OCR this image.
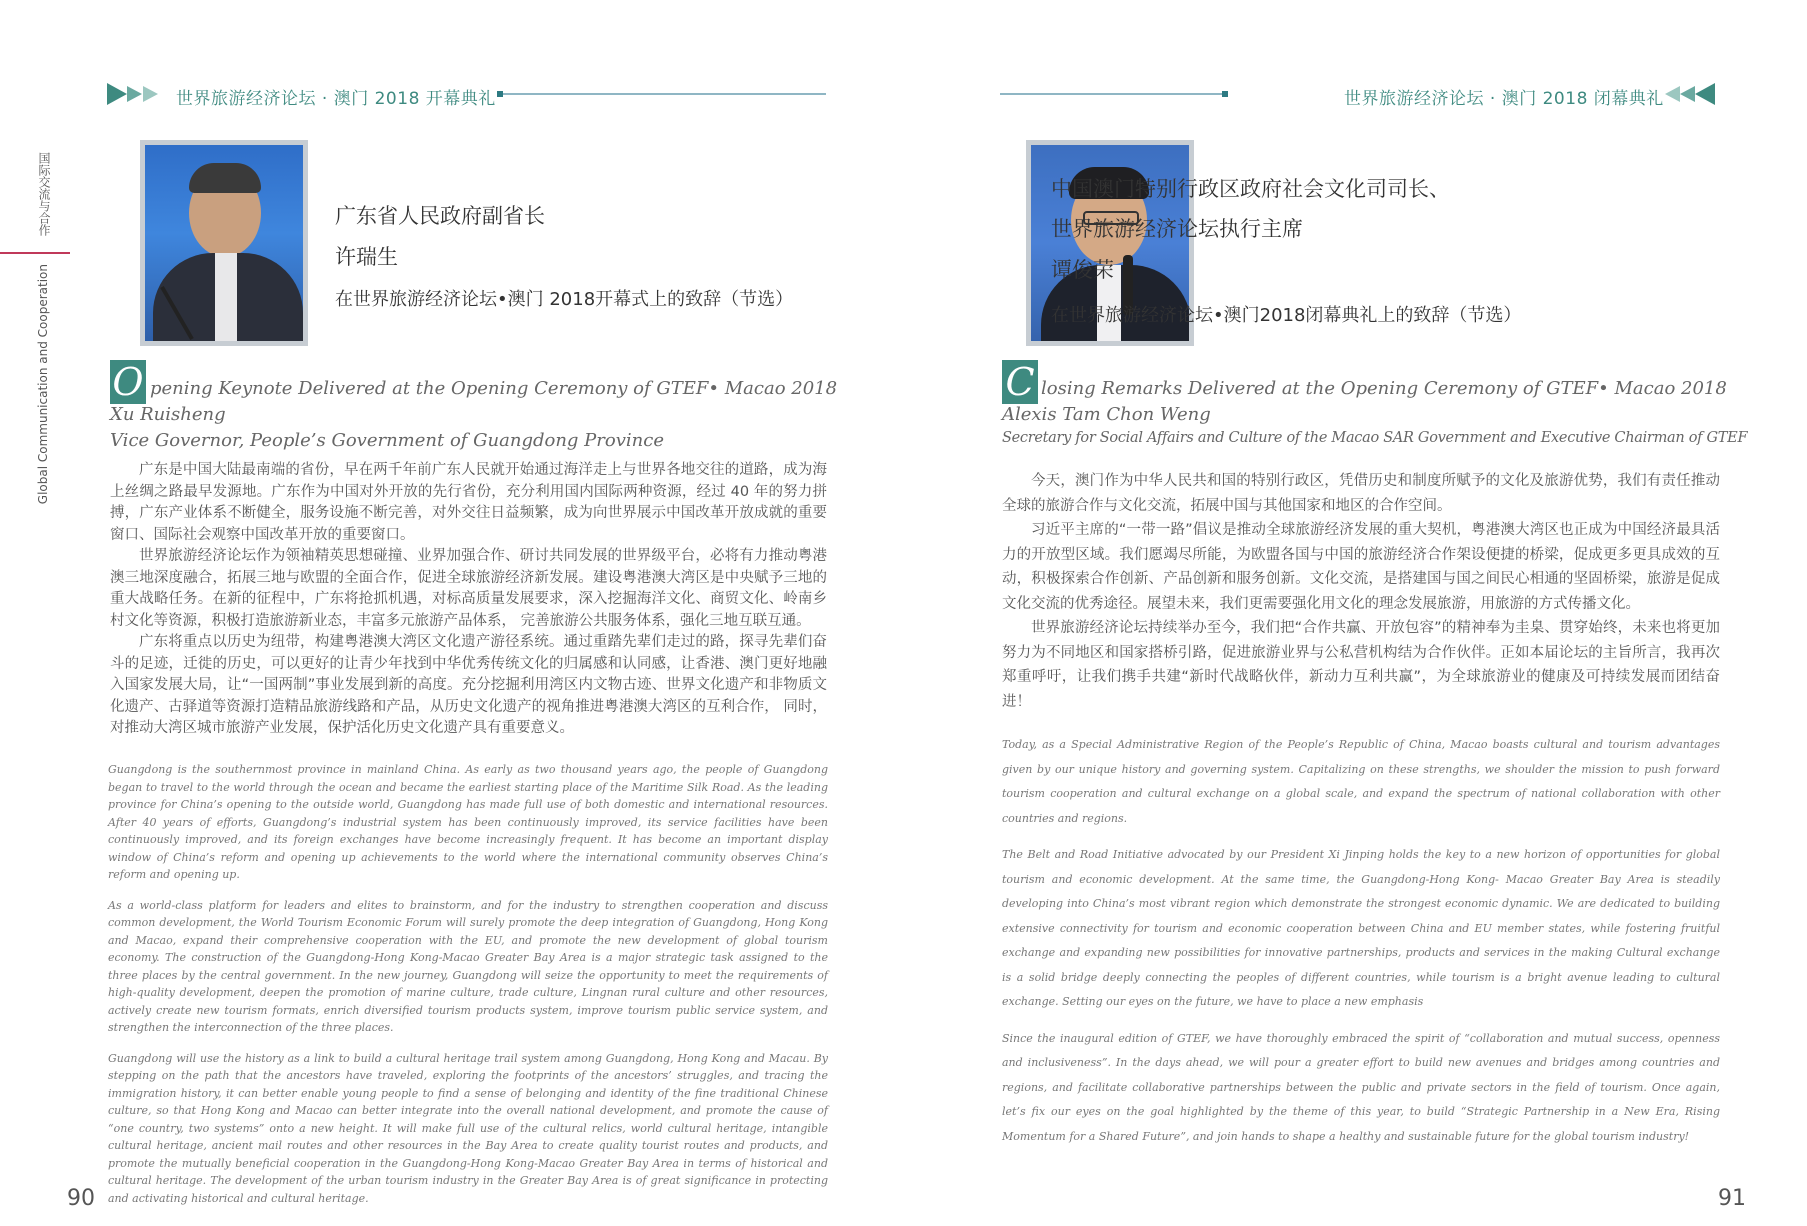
国际交流与合作
Global Communication and Cooperation
世界旅游经济论坛 · 澳门 2018 开幕典礼
广东省人民政府副省长
许瑞生
在世界旅游经济论坛•澳门 2018开幕式上的致辞（节选）
O pening Keynote Delivered at the Opening Ceremony of GTEF• Macao 2018
Xu Ruisheng
Vice Governor, People’s Government of Guangdong Province

广东是中国大陆最南端的省份，早在两千年前广东人民就开始通过海洋走上与世界各地交往的道路，成为海上丝绸之路最早发源地。广东作为中国对外开放的先行省份，充分利用国内国际两种资源，经过 40 年的努力拼搏，广东产业体系不断健全，服务设施不断完善，对外交往日益频繁，成为向世界展示中国改革开放成就的重要窗口、国际社会观察中国改革开放的重要窗口。

世界旅游经济论坛作为领袖精英思想碰撞、业界加强合作、研讨共同发展的世界级平台，必将有力推动粤港澳三地深度融合，拓展三地与欧盟的全面合作，促进全球旅游经济新发展。建设粤港澳大湾区是中央赋予三地的重大战略任务。在新的征程中，广东将抢抓机遇，对标高质量发展要求，深入挖掘海洋文化、商贸文化、岭南乡村文化等资源，积极打造旅游新业态，丰富多元旅游产品体系， 完善旅游公共服务体系，强化三地互联互通。

广东将重点以历史为纽带，构建粤港澳大湾区文化遗产游径系统。通过重踏先辈们走过的路，探寻先辈们奋斗的足迹，迁徙的历史，可以更好的让青少年找到中华优秀传统文化的归属感和认同感，让香港、澳门更好地融入国家发展大局，让“一国两制”事业发展到新的高度。充分挖掘利用湾区内文物古迹、世界文化遗产和非物质文化遗产、古驿道等资源打造精品旅游线路和产品，从历史文化遗产的视角推进粤港澳大湾区的互利合作， 同时，对推动大湾区城市旅游产业发展，保护活化历史文化遗产具有重要意义。

Guangdong is the southernmost province in mainland China. As early as two thousand years ago, the people of Guangdong began to travel to the world through the ocean and became the earliest starting place of the Maritime Silk Road. As the leading province for China’s opening to the outside world, Guangdong has made full use of both domestic and international resources. After 40 years of efforts, Guangdong’s industrial system has been continuously improved, its service facilities have been continuously improved, and its foreign exchanges have become increasingly frequent. It has become an important display window of China’s reform and opening up achievements to the world where the international community observes China’s reform and opening up.

As a world-class platform for leaders and elites to brainstorm, and for the industry to strengthen cooperation and discuss common development, the World Tourism Economic Forum will surely promote the deep integration of Guangdong, Hong Kong and Macao, expand their comprehensive cooperation with the EU, and promote the new development of global tourism economy. The construction of the Guangdong-Hong Kong-Macao Greater Bay Area is a major strategic task assigned to the three places by the central government. In the new journey, Guangdong will seize the opportunity to meet the requirements of high-quality development, deepen the promotion of marine culture, trade culture, Lingnan rural culture and other resources, actively create new tourism formats, enrich diversified tourism products system, improve tourism public service system, and strengthen the interconnection of the three places.

Guangdong will use the history as a link to build a cultural heritage trail system among Guangdong, Hong Kong and Macau. By stepping on the path that the ancestors have traveled, exploring the footprints of the ancestors’ struggles, and tracing the immigration history, it can better enable young people to find a sense of belonging and identity of the fine traditional Chinese culture, so that Hong Kong and Macao can better integrate into the overall national development, and promote the cause of “one country, two systems” onto a new height. It will make full use of the cultural relics, world cultural heritage, intangible cultural heritage, ancient mail routes and other resources in the Bay Area to create quality tourist routes and products, and promote the mutually beneficial cooperation in the Guangdong-Hong Kong-Macao Greater Bay Area in terms of historical and cultural heritage. The development of the urban tourism industry in the Greater Bay Area is of great significance in protecting and activating historical and cultural heritage.

90
世界旅游经济论坛 · 澳门 2018 闭幕典礼
中国澳门特别行政区政府社会文化司司长、
世界旅游经济论坛执行主席
谭俊荣
在世界旅游经济论坛•澳门2018闭幕典礼上的致辞（节选）
C losing Remarks Delivered at the Opening Ceremony of GTEF• Macao 2018
Alexis Tam Chon Weng
Secretary for Social Affairs and Culture of the Macao SAR Government and Executive Chairman of GTEF

今天，澳门作为中华人民共和国的特别行政区，凭借历史和制度所赋予的文化及旅游优势，我们有责任推动全球的旅游合作与文化交流，拓展中国与其他国家和地区的合作空间。

习近平主席的“一带一路”倡议是推动全球旅游经济发展的重大契机，粤港澳大湾区也正成为中国经济最具活力的开放型区域。我们愿竭尽所能，为欧盟各国与中国的旅游经济合作架设便捷的桥梁，促成更多更具成效的互动，积极探索合作创新、产品创新和服务创新。文化交流，是搭建国与国之间民心相通的坚固桥梁，旅游是促成文化交流的优秀途径。展望未来，我们更需要强化用文化的理念发展旅游，用旅游的方式传播文化。

世界旅游经济论坛持续举办至今，我们把“合作共赢、开放包容”的精神奉为圭臬、贯穿始终，未来也将更加努力为不同地区和国家搭桥引路，促进旅游业界与公私营机构结为合作伙伴。正如本届论坛的主旨所言，我再次郑重呼吁，让我们携手共建“新时代战略伙伴，新动力互利共赢”，为全球旅游业的健康及可持续发展而团结奋进！

Today, as a Special Administrative Region of the People’s Republic of China, Macao boasts cultural and tourism advantages given by our unique history and governing system. Capitalizing on these strengths, we shoulder the mission to push forward tourism cooperation and cultural exchange on a global scale, and expand the spectrum of national collaboration with other countries and regions.

The Belt and Road Initiative advocated by our President Xi Jinping holds the key to a new horizon of opportunities for global tourism and economic development. At the same time, the Guangdong-Hong Kong- Macao Greater Bay Area is steadily developing into China’s most vibrant region which demonstrate the strongest economic dynamic. We are dedicated to building extensive connectivity for tourism and economic cooperation between China and EU member states, while fostering fruitful exchange and expanding new possibilities for innovative partnerships, products and services in the making Cultural exchange is a solid bridge deeply connecting the peoples of different countries, while tourism is a bright avenue leading to cultural exchange. Setting our eyes on the future, we have to place a new emphasis

Since the inaugural edition of GTEF, we have thoroughly embraced the spirit of “collaboration and mutual success, openness and inclusiveness”. In the days ahead, we will pour a greater effort to build new avenues and bridges among countries and regions, and facilitate collaborative partnerships between the public and private sectors in the field of tourism. Once again, let’s fix our eyes on the goal highlighted by the theme of this year, to build “Strategic Partnership in a New Era, Rising Momentum for a Shared Future”, and join hands to shape a healthy and sustainable future for the global tourism industry!

91
